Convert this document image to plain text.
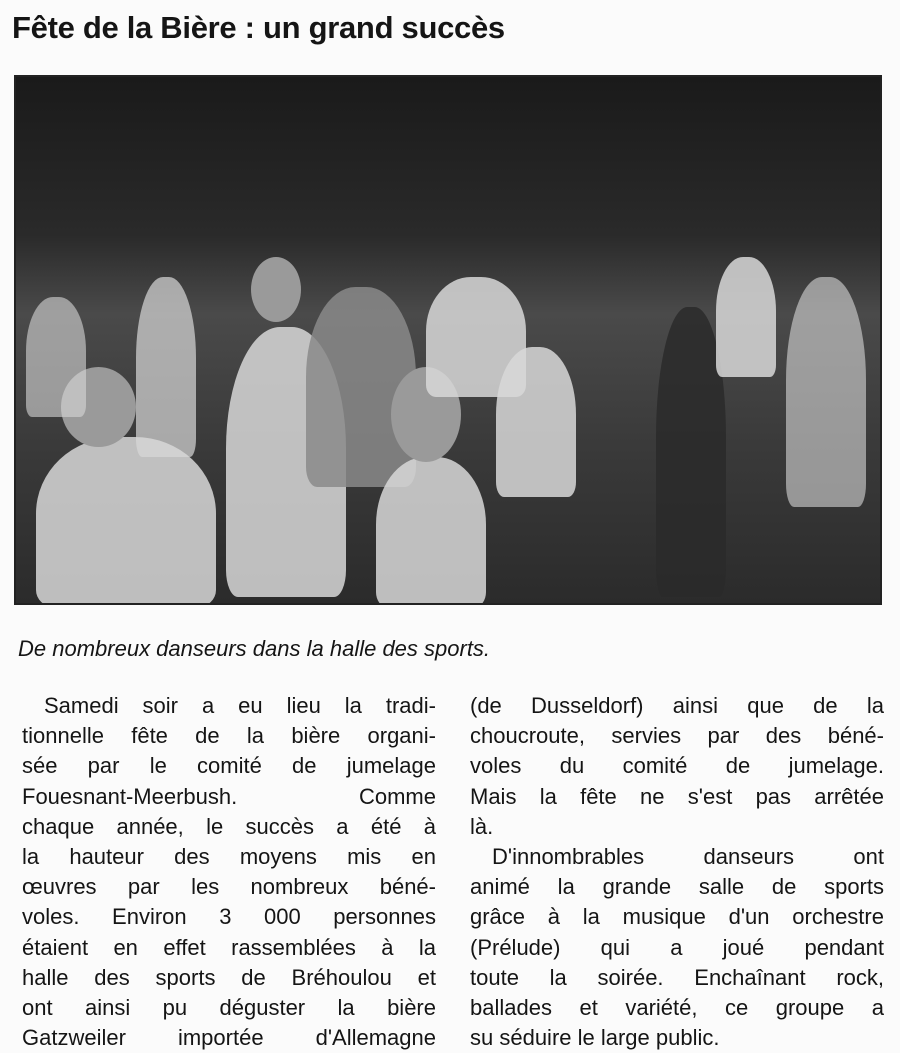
Fête de la Bière : un grand succès
De nombreux danseurs dans la halle des sports.
Samedi soir a eu lieu la tradi-
tionnelle fête de la bière organi-
sée par le comité de jumelage
Fouesnant-Meerbush. Comme
chaque année, le succès a été à
la hauteur des moyens mis en
œuvres par les nombreux béné-
voles. Environ 3 000 personnes
étaient en effet rassemblées à la
halle des sports de Bréhoulou et
ont ainsi pu déguster la bière
Gatzweiler importée d'Allemagne
(de Dusseldorf) ainsi que de la
choucroute, servies par des béné-
voles du comité de jumelage.
Mais la fête ne s'est pas arrêtée
là.
D'innombrables danseurs ont
animé la grande salle de sports
grâce à la musique d'un orchestre
(Prélude) qui a joué pendant
toute la soirée. Enchaînant rock,
ballades et variété, ce groupe a
su séduire le large public.
